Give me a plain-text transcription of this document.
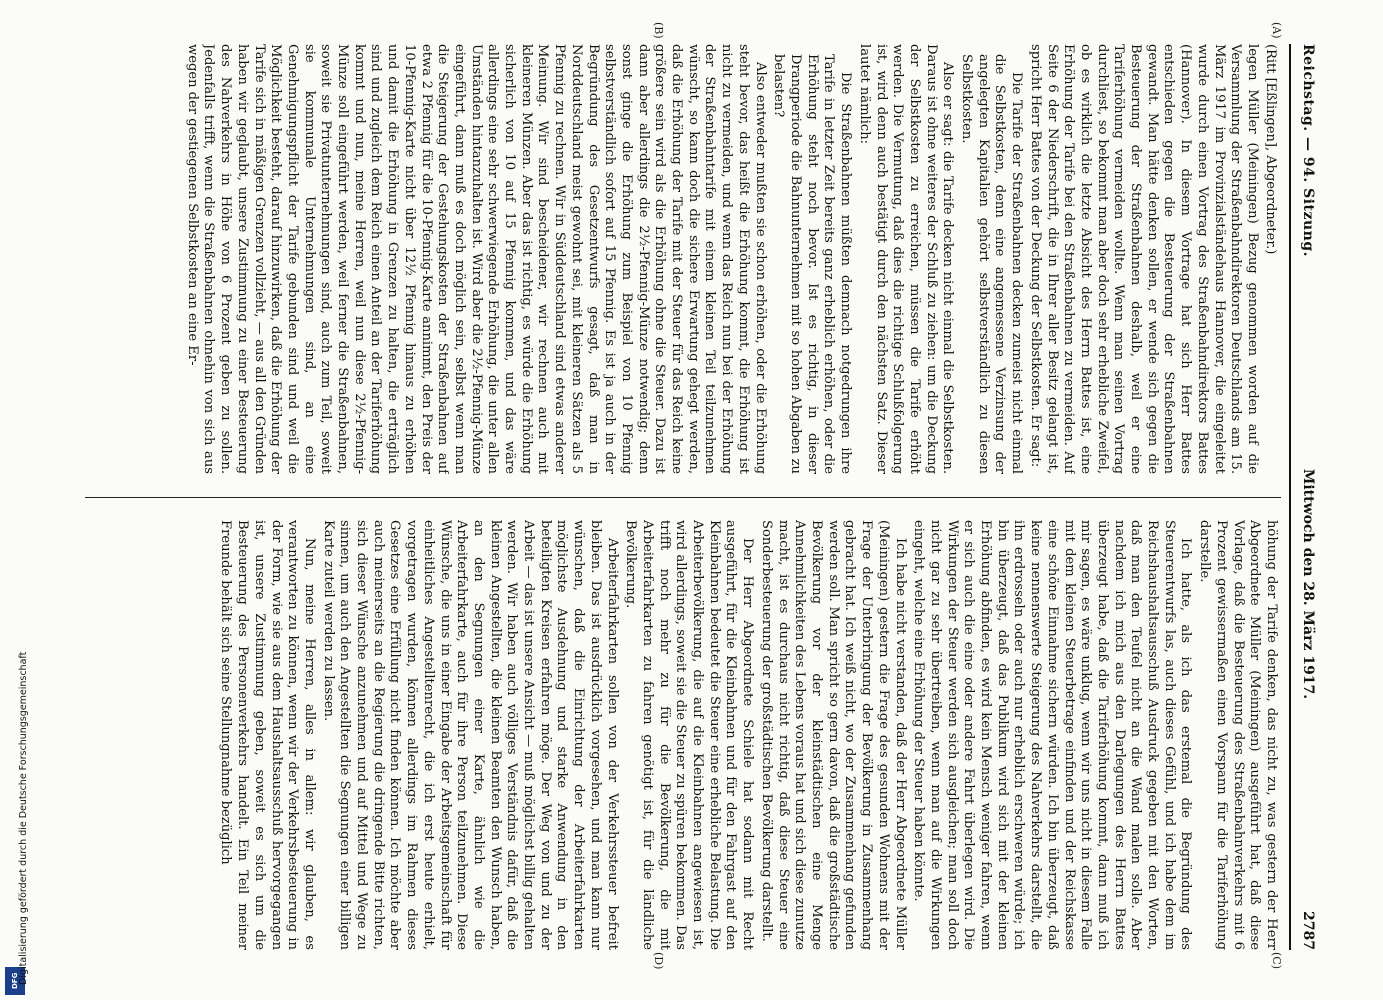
DFG Digitalisierung gefördert durch die Deutsche Forschungsgemeinschaft
Reichstag. — 94. Sitzung.
Mittwoch den 28. März 1917.
2787
(A)
(B)
(C)
(D)
(Ritt [Eßlingen], Abgeordneter.)

legen Müller (Meiningen) Bezug genommen worden auf die Versammlung der Straßenbahndirektoren Deutschlands am 15. März 1917 im Provinzialständehaus Hannover, die eingeleitet wurde durch einen Vortrag des Straßenbahndirektors Battes (Hannover). In diesem Vortrage hat sich Herr Battes entschieden gegen die Besteuerung der Straßenbahnen gewandt. Man hätte denken sollen, er wende sich gegen die Besteuerung der Straßenbahnen deshalb, weil er eine Tariferhöhung vermeiden wollte. Wenn man seinen Vortrag durchliest, so bekommt man aber doch sehr erhebliche Zweifel, ob es wirklich die letzte Absicht des Herrn Battes ist, eine Erhöhung der Tarife bei den Straßenbahnen zu vermeiden. Auf Seite 6 der Niederschrift, die in Ihrer aller Besitz gelangt ist, spricht Herr Battes von der Deckung der Selbstkosten. Er sagt:

Die Tarife der Straßenbahnen decken zumeist nicht einmal die Selbstkosten, denn eine angemessene Verzinsung der angelegten Kapitalien gehört selbstverständlich zu diesen Selbstkosten.

Also er sagt: die Tarife decken nicht einmal die Selbstkosten. Daraus ist ohne weiteres der Schluß zu ziehen: um die Deckung der Selbstkosten zu erreichen, müssen die Tarife erhöht werden. Die Vermutung, daß dies die richtige Schlußfolgerung ist, wird denn auch bestätigt durch den nächsten Satz. Dieser lautet nämlich:

Die Straßenbahnen müßten demnach notgedrungen ihre Tarife in letzter Zeit bereits ganz erheblich erhöhen, oder die Erhöhung steht noch bevor. Ist es richtig, in dieser Drangperiode die Bahnunternehmen mit so hohen Abgaben zu belasten?

Also entweder mußten sie schon erhöhen, oder die Erhöhung steht bevor, das heißt die Erhöhung kommt, die Erhöhung ist nicht zu vermeiden, und wenn das Reich nun bei der Erhöhung der Straßenbahntarife mit einem kleinen Teil teilzunehmen wünscht, so kann doch die sichere Erwartung gehegt werden, daß die Erhöhung der Tarife mit der Steuer für das Reich keine größere sein wird als die Erhöhung ohne die Steuer. Dazu ist dann aber allerdings die 2½-Pfennig-Münze notwendig; denn sonst ginge die Erhöhung zum Beispiel von 10 Pfennig selbstverständlich sofort auf 15 Pfennig. Es ist ja auch in der Begründung des Gesetzentwurfs gesagt, daß man in Norddeutschland meist gewohnt sei, mit kleineren Sätzen als 5 Pfennig zu rechnen. Wir in Süddeutschland sind etwas anderer Meinung. Wir sind bescheidener, wir rechnen auch mit kleineren Münzen. Aber das ist richtig, es würde die Erhöhung sicherlich von 10 auf 15 Pfennig kommen, und das wäre allerdings eine sehr schwerwiegende Erhöhung, die unter allen Umständen hintanzuhalten ist. Wird aber die 2½-Pfennig-Münze eingeführt, dann muß es doch möglich sein, selbst wenn man die Steigerung der Gestehungskosten der Straßenbahnen auf etwa 2 Pfennig für die 10-Pfennig-Karte annimmt, den Preis der 10-Pfennig-Karte nicht über 12½ Pfennig hinaus zu erhöhen und damit die Erhöhung in Grenzen zu halten, die erträglich sind und zugleich dem Reich einen Anteil an der Tariferhöhung kommt und nun, meine Herren, weil nun diese 2½-Pfennig-Münze soll eingeführt werden, weil ferner die Straßenbahnen, soweit sie Privatunternehmungen sind, auch zum Teil, soweit sie kommunale Unternehmungen sind, an eine Genehmigungspflicht der Tarife gebunden sind und weil die Möglichkeit besteht, darauf hinzuwirken, daß die Erhöhung der Tarife sich in mäßigen Grenzen vollzieht, — aus all den Gründen haben wir geglaubt, unsere Zustimmung zu einer Besteuerung des Nahverkehrs in Höhe von 6 Prozent geben zu sollen. Jedenfalls trifft, wenn die Straßenbahnen ohnehin von sich aus wegen der gestiegenen Selbstkosten an eine Er-

höhung der Tarife denken, das nicht zu, was gestern der Herr Abgeordnete Müller (Meiningen) ausgeführt hat, daß diese Vorlage, daß die Besteuerung des Straßenbahnverkehrs mit 6 Prozent gewissermaßen einen Vorspann für die Tariferhöhung darstelle.

Ich hatte, als ich das erstemal die Begründung des Steuerentwurfs las, auch dieses Gefühl, und ich habe dem im Reichshaushaltsausschuß Ausdruck gegeben mit den Worten, daß man den Teufel nicht an die Wand malen solle. Aber nachdem ich mich aus den Darlegungen des Herrn Battes überzeugt habe, daß die Tariferhöhung kommt, dann muß ich mir sagen, es wäre unklug, wenn wir uns nicht in diesem Falle mit dem kleinen Steuerbetrage einfinden und der Reichskasse eine schöne Einnahme sichern würden. Ich bin überzeugt, daß keine nennenswerte Steigerung des Nahverkehrs darstellt, die ihn erdrosseln oder auch nur erheblich erschweren würde; ich bin überzeugt, daß das Publikum wird sich mit der kleinen Erhöhung abfinden, es wird kein Mensch weniger fahren, wenn er sich auch die eine oder andere Fahrt überlegen wird. Die Wirkungen der Steuer werden sich ausgleichen; man soll doch nicht gar zu sehr übertreiben, wenn man auf die Wirkungen eingeht, welche eine Erhöhung der Steuer haben könnte.

Ich habe nicht verstanden, daß der Herr Abgeordnete Müller (Meiningen) gestern die Frage des gesunden Wohnens mit der Frage der Unterbringung der Bevölkerung in Zusammenhang gebracht hat. Ich weiß nicht, wo der Zusammenhang gefunden werden soll. Man spricht so gern davon, daß die großstädtische Bevölkerung vor der kleinstädtischen eine Menge Annehmlichkeiten des Lebens voraus hat und sich diese zunutze macht, ist es durchaus nicht richtig, daß diese Steuer eine Sonderbesteuerung der großstädtischen Bevölkerung darstellt.

Der Herr Abgeordnete Schiele hat sodann mit Recht ausgeführt, für die Kleinbahnen und für den Fahrgast auf den Kleinbahnen bedeutet die Steuer eine erhebliche Belastung. Die Arbeiterbevölkerung, die auf die Kleinbahnen angewiesen ist, wird allerdings, soweit sie die Steuer zu spüren bekommen. Das trifft noch mehr zu für die Bevölkerung, die mit Arbeiterfahrkarten zu fahren genötigt ist, für die ländliche Bevölkerung.

Arbeiterfahrkarten sollen von der Verkehrssteuer befreit bleiben. Das ist ausdrücklich vorgesehen, und man kann nur wünschen, daß die Einrichtung der Arbeiterfahrkarten möglichste Ausdehnung und starke Anwendung in den beteiligten Kreisen erfahren möge. Der Weg von und zu der Arbeit — das ist unsere Ansicht — muß möglichst billig gehalten werden. Wir haben auch völliges Verständnis dafür, daß die kleinen Angestellten, die kleinen Beamten den Wunsch haben, an den Segnungen einer Karte, ähnlich wie die Arbeiterfahrkarte, auch für ihre Person teilzunehmen. Diese Wünsche, die uns in einer Eingabe der Arbeitsgemeinschaft für einheitliches Angestelltenrecht, die ich erst heute erhielt, vorgetragen wurden, können allerdings im Rahmen dieses Gesetzes eine Erfüllung nicht finden können. Ich möchte aber auch meinerseits an die Regierung die dringende Bitte richten, sich dieser Wünsche anzunehmen und auf Mittel und Wege zu sinnen, um auch den Angestellten die Segnungen einer billigen Karte zuteil werden zu lassen.

Nun, meine Herren, alles in allem: wir glauben, es verantworten zu können, wenn wir der Verkehrsbesteuerung in der Form, wie sie aus dem Haushaltsausschuß hervorgegangen ist, unsere Zustimmung geben, soweit es sich um die Besteuerung des Personenverkehrs handelt. Ein Teil meiner Freunde behält sich seine Stellungnahme bezüglich
